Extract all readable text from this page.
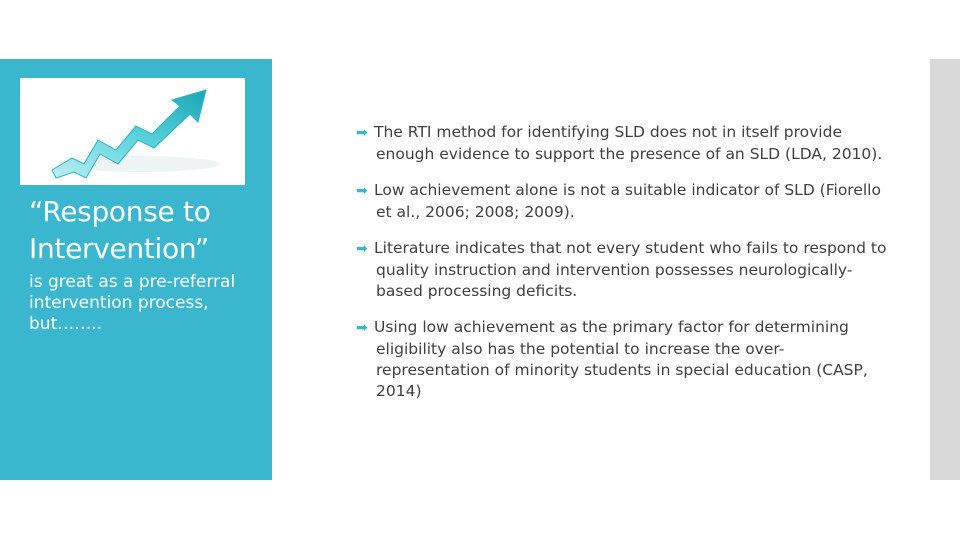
“Response to Intervention”
is great as a pre-referral intervention process, but……..
➡ The RTI method for identifying SLD does not in itself provide enough evidence to support the presence of an SLD (LDA, 2010).
➡ Low achievement alone is not a suitable indicator of SLD (Fiorello et al., 2006; 2008; 2009).
➡ Literature indicates that not every student who fails to respond to quality instruction and intervention possesses neurologically-based processing deficits.
➡ Using low achievement as the primary factor for determining eligibility also has the potential to increase the over-representation of minority students in special education (CASP, 2014)
